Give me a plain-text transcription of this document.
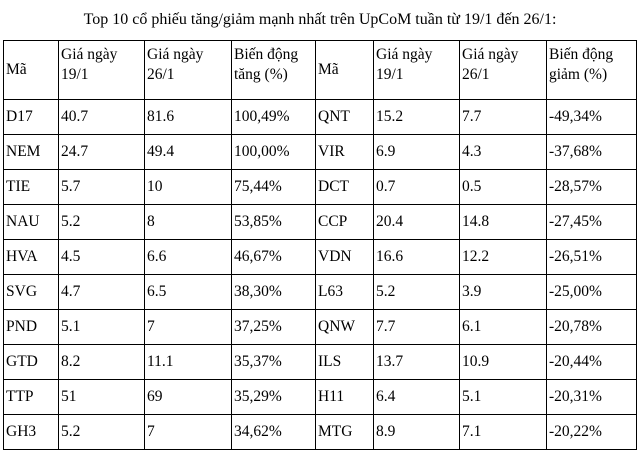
Top 10 cổ phiếu tăng/giảm mạnh nhất trên UpCoM tuần từ 19/1 đến 26/1:
Mã	Giá ngày 19/1	Giá ngày 26/1	Biến động tăng (%)	Mã	Giá ngày 19/1	Giá ngày 26/1	Biến động giảm (%)
D17	40.7	81.6	100,49%	QNT	15.2	7.7	-49,34%
NEM	24.7	49.4	100,00%	VIR	6.9	4.3	-37,68%
TIE	5.7	10	75,44%	DCT	0.7	0.5	-28,57%
NAU	5.2	8	53,85%	CCP	20.4	14.8	-27,45%
HVA	4.5	6.6	46,67%	VDN	16.6	12.2	-26,51%
SVG	4.7	6.5	38,30%	L63	5.2	3.9	-25,00%
PND	5.1	7	37,25%	QNW	7.7	6.1	-20,78%
GTD	8.2	11.1	35,37%	ILS	13.7	10.9	-20,44%
TTP	51	69	35,29%	H11	6.4	5.1	-20,31%
GH3	5.2	7	34,62%	MTG	8.9	7.1	-20,22%
